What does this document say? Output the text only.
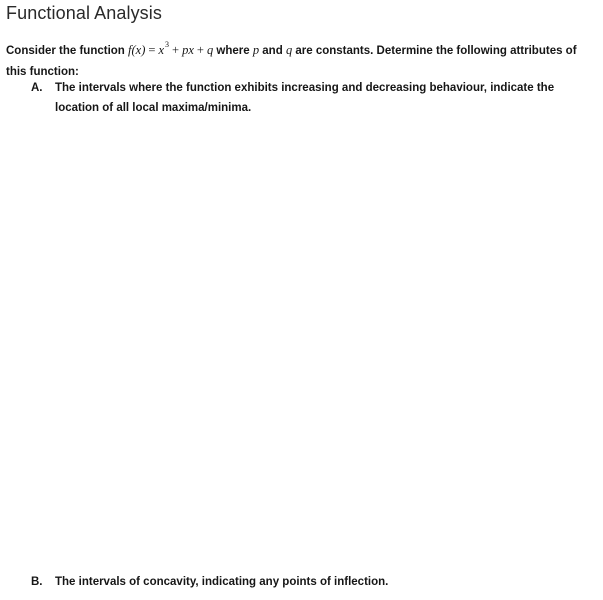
Functional Analysis
Consider the function $f(x) = x^3$ + px + q where p and q are constants. Determine the following attributes of this function:
A. The intervals where the function exhibits increasing and decreasing behaviour, indicate the location of all local maxima/minima.
B. The intervals of concavity, indicating any points of inflection.
